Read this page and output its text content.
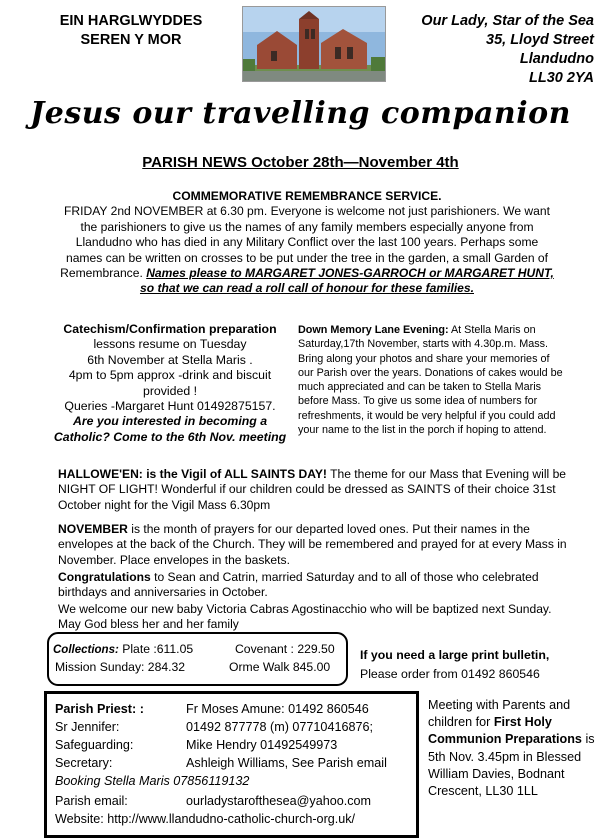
EIN HARGLWYDDES
SEREN Y MOR
Our Lady, Star of the Sea
35, Lloyd Street
Llandudno
LL30 2YA
Jesus our travelling companion
PARISH NEWS October 28th—November 4th
COMMEMORATIVE REMEMBRANCE SERVICE.
FRIDAY 2nd NOVEMBER at 6.30 pm. Everyone is welcome not just parishioners. We want the parishioners to give us the names of any family members especially anyone from Llandudno who has died in any Military Conflict over the last 100 years. Perhaps some names can be written on crosses to be put under the tree in the garden, a small Garden of Remembrance. Names please to MARGARET JONES-GARROCH or MARGARET HUNT, so that we can read a roll call of honour for these families.
Catechism/Confirmation preparation
lessons resume on Tuesday
6th November at Stella Maris .
4pm to 5pm approx -drink and biscuit provided !
Queries -Margaret Hunt 01492875157.
Are you interested in becoming a Catholic? Come to the 6th Nov. meeting
Down Memory Lane Evening: At Stella Maris on Saturday,17th November, starts with 4.30p.m. Mass. Bring along your photos and share your memories of our Parish over the years. Donations of cakes would be much appreciated and can be taken to Stella Maris before Mass. To give us some idea of numbers for refreshments, it would be very helpful if you could add your name to the list in the porch if hoping to attend.
HALLOWE'EN: is the Vigil of ALL SAINTS DAY! The theme for our Mass that Evening will be NIGHT OF LIGHT! Wonderful if our children could be dressed as SAINTS of their choice 31st October night for the Vigil Mass 6.30pm
NOVEMBER is the month of prayers for our departed loved ones. Put their names in the envelopes at the back of the Church. They will be remembered and prayed for at every Mass in November. Place envelopes in the baskets.
Congratulations to Sean and Catrin, married Saturday and to all of those who celebrated birthdays and anniversaries in October.
We welcome our new baby Victoria Cabras Agostinacchio who will be baptized next Sunday. May God bless her and her family
Collections: Plate :611.05	Covenant : 229.50
Mission Sunday: 284.32	Orme Walk 845.00
If you need a large print bulletin,
Please order from 01492 860546
Parish Priest: :	Fr Moses Amune: 01492 860546
Sr Jennifer:	01492 877778 (m) 07710416876;
Safeguarding:	Mike Hendry 01492549973
Secretary:	Ashleigh Williams, See Parish email
Booking Stella Maris 07856119132
Parish email:	ourladystarofthesea@yahoo.com
Website: http://www.llandudno-catholic-church-org.uk/
Meeting with Parents and children for First Holy Communion Preparations is 5th Nov. 3.45pm in Blessed William Davies, Bodnant Crescent, LL30 1LL
